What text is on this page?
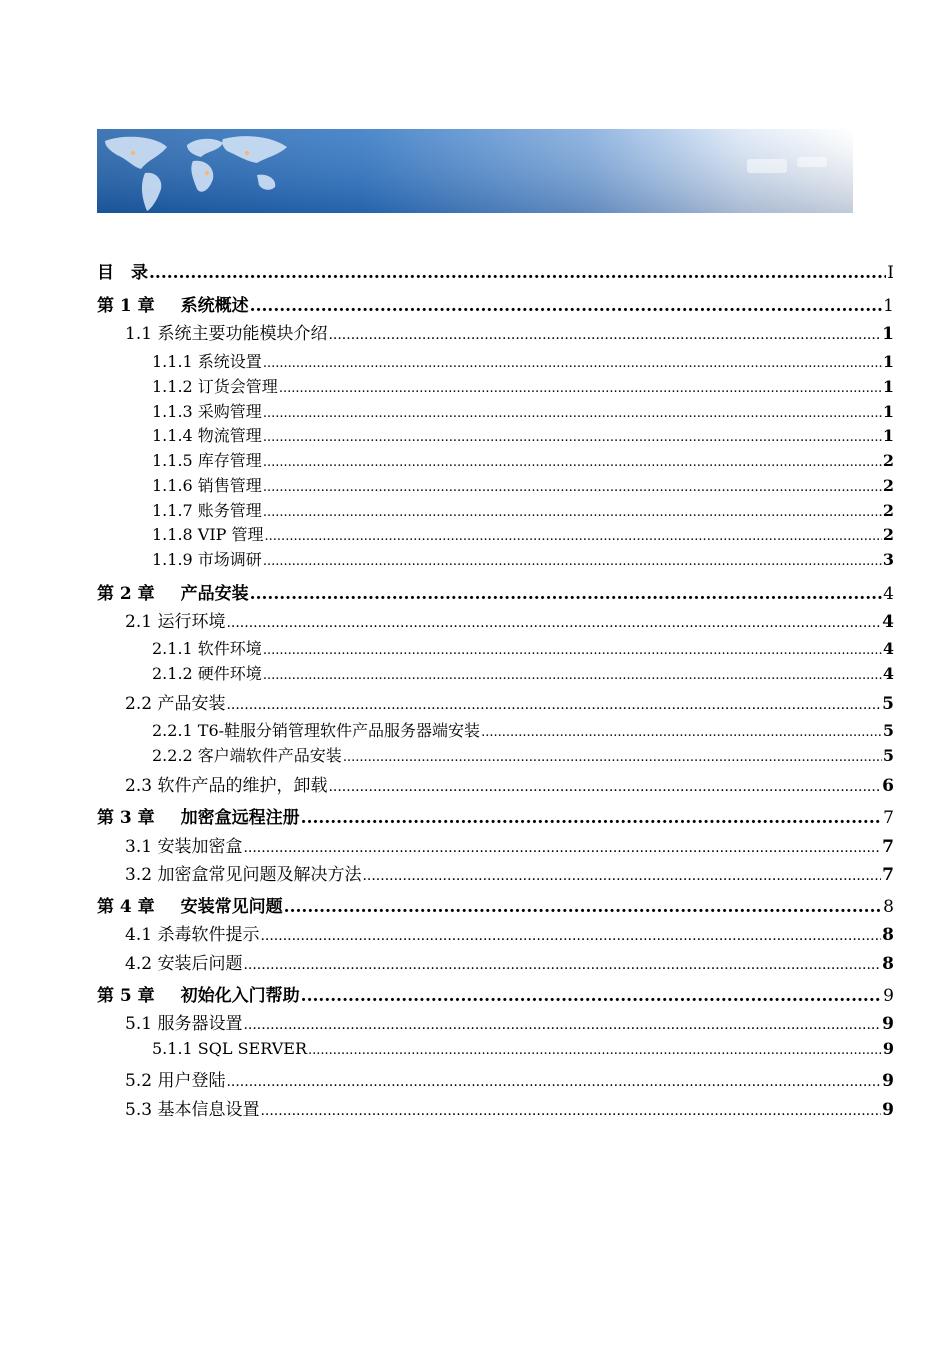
目　录 .....	I
第 1 章 系统概述 .....	1
1.1 系统主要功能模块介绍 .....	1
1.1.1 系统设置 .....	1
1.1.2 订货会管理 .....	1
1.1.3 采购管理 .....	1
1.1.4 物流管理 .....	1
1.1.5 库存管理 .....	2
1.1.6 销售管理 .....	2
1.1.7 账务管理 .....	2
1.1.8 VIP 管理 .....	2
1.1.9 市场调研 .....	3
第 2 章 产品安装 .....	4
2.1 运行环境 .....	4
2.1.1 软件环境 .....	4
2.1.2 硬件环境 .....	4
2.2 产品安装 .....	5
2.2.1 T6-鞋服分销管理软件产品服务器端安装 .....	5
2.2.2 客户端软件产品安装 .....	5
2.3 软件产品的维护，卸载 .....	6
第 3 章 加密盒远程注册 .....	7
3.1 安装加密盒 .....	7
3.2 加密盒常见问题及解决方法 .....	7
第 4 章 安装常见问题 .....	8
4.1 杀毒软件提示 .....	8
4.2 安装后问题 .....	8
第 5 章 初始化入门帮助 .....	9
5.1 服务器设置 .....	9
5.1.1 SQL SERVER .....	9
5.2 用户登陆 .....	9
5.3 基本信息设置 .....	9
